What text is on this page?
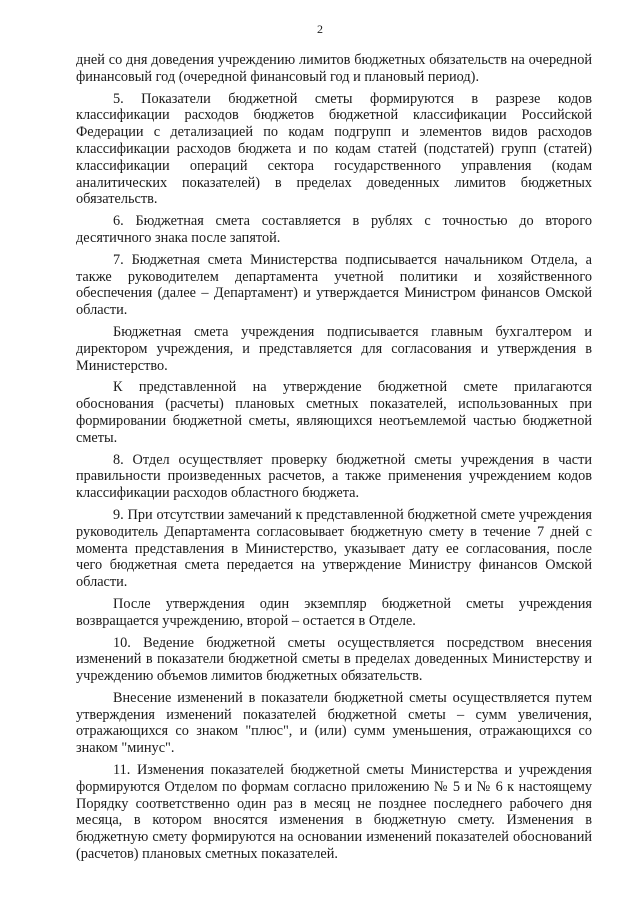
2

дней со дня доведения учреждению лимитов бюджетных обязательств на очередной финансовый год (очередной финансовый год и плановый период).

5. Показатели бюджетной сметы формируются в разрезе кодов классификации расходов бюджетов бюджетной классификации Российской Федерации с детализацией по кодам подгрупп и элементов видов расходов классификации расходов бюджета и по кодам статей (подстатей) групп (статей) классификации операций сектора государственного управления (кодам аналитических показателей) в пределах доведенных лимитов бюджетных обязательств.

6. Бюджетная смета составляется в рублях с точностью до второго десятичного знака после запятой.

7. Бюджетная смета Министерства подписывается начальником Отдела, а также руководителем департамента учетной политики и хозяйственного обеспечения (далее – Департамент) и утверждается Министром финансов Омской области.

Бюджетная смета учреждения подписывается главным бухгалтером и директором учреждения, и представляется для согласования и утверждения в Министерство.

К представленной на утверждение бюджетной смете прилагаются обоснования (расчеты) плановых сметных показателей, использованных при формировании бюджетной сметы, являющихся неотъемлемой частью бюджетной сметы.

8. Отдел осуществляет проверку бюджетной сметы учреждения в части правильности произведенных расчетов, а также применения учреждением кодов классификации расходов областного бюджета.

9. При отсутствии замечаний к представленной бюджетной смете учреждения руководитель Департамента согласовывает бюджетную смету в течение 7 дней с момента представления в Министерство, указывает дату ее согласования, после чего бюджетная смета передается на утверждение Министру финансов Омской области.

После утверждения один экземпляр бюджетной сметы учреждения возвращается учреждению, второй – остается в Отделе.

10. Ведение бюджетной сметы осуществляется посредством внесения изменений в показатели бюджетной сметы в пределах доведенных Министерству и учреждению объемов лимитов бюджетных обязательств.

Внесение изменений в показатели бюджетной сметы осуществляется путем утверждения изменений показателей бюджетной сметы – сумм увеличения, отражающихся со знаком "плюс", и (или) сумм уменьшения, отражающихся со знаком "минус".

11. Изменения показателей бюджетной сметы Министерства и учреждения формируются Отделом по формам согласно приложению № 5 и № 6 к настоящему Порядку соответственно один раз в месяц не позднее последнего рабочего дня месяца, в котором вносятся изменения в бюджетную смету. Изменения в бюджетную смету формируются на основании изменений показателей обоснований (расчетов) плановых сметных показателей.
